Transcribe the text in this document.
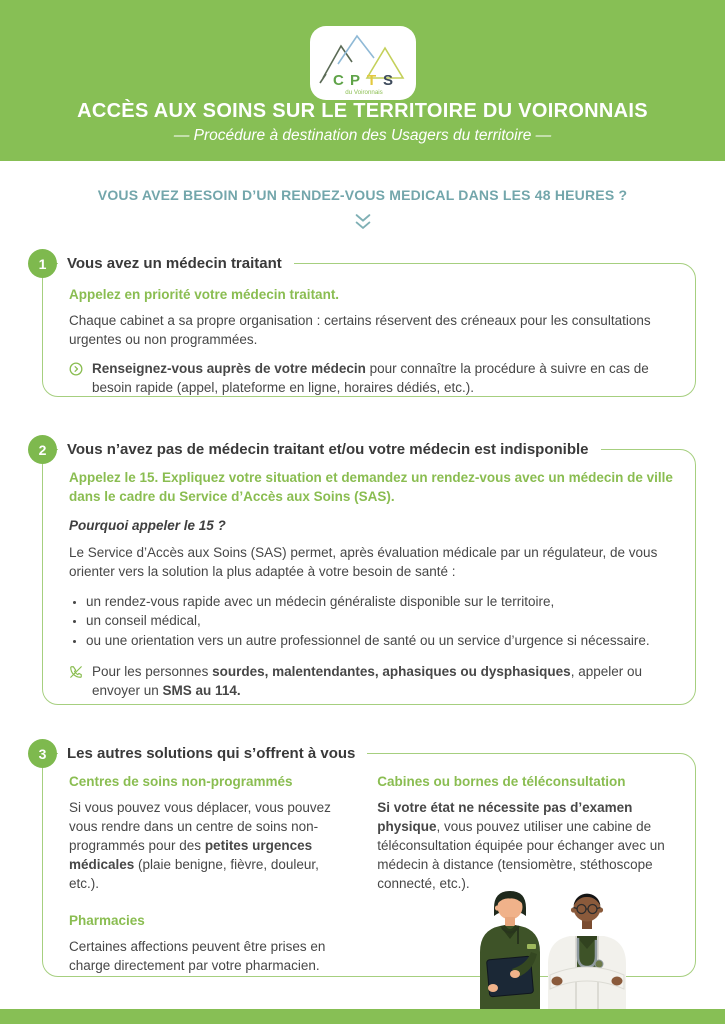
C P T S
du Voironnais
ACCÈS AUX SOINS SUR LE TERRITOIRE DU VOIRONNAIS
— Procédure à destination des Usagers du territoire —
VOUS AVEZ BESOIN D’UN RENDEZ-VOUS MEDICAL DANS LES 48 HEURES ?
1	Vous avez un médecin traitant

Appelez en priorité votre médecin traitant.

Chaque cabinet a sa propre organisation : certains réservent des créneaux pour les consultations urgentes ou non programmées.

Renseignez-vous auprès de votre médecin pour connaître la procédure à suivre en cas de besoin rapide (appel, plateforme en ligne, horaires dédiés, etc.).

2	Vous n’avez pas de médecin traitant et/ou votre médecin est indisponible

Appelez le 15. Expliquez votre situation et demandez un rendez-vous avec un médecin de ville dans le cadre du Service d’Accès aux Soins (SAS).

Pourquoi appeler le 15 ?

Le Service d’Accès aux Soins (SAS) permet, après évaluation médicale par un régulateur, de vous orienter vers la solution la plus adaptée à votre besoin de santé :

• un rendez-vous rapide avec un médecin généraliste disponible sur le territoire,
• un conseil médical,
• ou une orientation vers un autre professionnel de santé ou un service d’urgence si nécessaire.

Pour les personnes sourdes, malentendantes, aphasiques ou dysphasiques, appeler ou envoyer un SMS au 114.

3	Les autres solutions qui s’offrent à vous

Centres de soins non-programmés

Si vous pouvez vous déplacer, vous pouvez vous rendre dans un centre de soins non-programmés pour des petites urgences médicales (plaie benigne, fièvre, douleur, etc.).

Cabines ou bornes de téléconsultation

Si votre état ne nécessite pas d’examen physique, vous pouvez utiliser une cabine de téléconsultation équipée pour échanger avec un médecin à distance (tensiomètre, stéthoscope connecté, etc.).

Pharmacies

Certaines affections peuvent être prises en charge directement par votre pharmacien.
